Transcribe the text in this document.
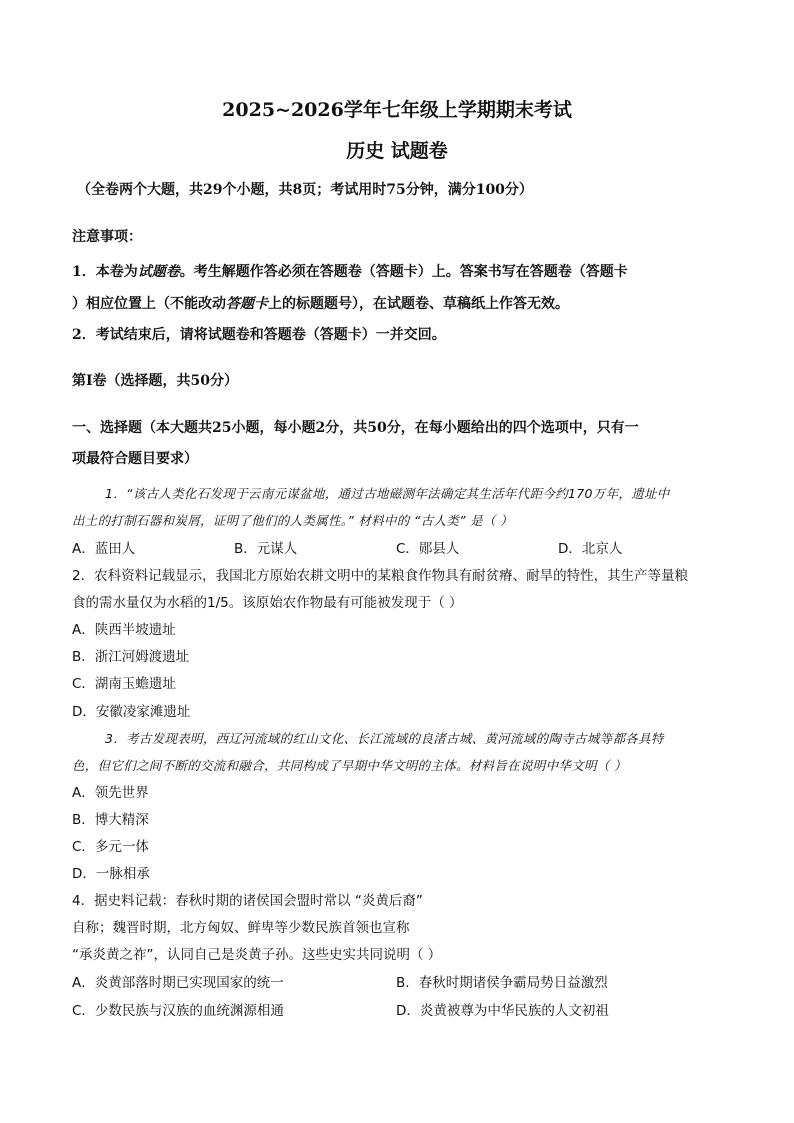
2025~2026学年七年级上学期期末考试
历史 试题卷
（全卷两个大题，共29个小题，共8页；考试用时75分钟，满分100分）
注意事项：
1．本卷为试题卷。考生解题作答必须在答题卷（答题卡）上。答案书写在答题卷（答题卡
）相应位置上（不能改动答题卡上的标题题号），在试题卷、草稿纸上作答无效。
2．考试结束后，请将试题卷和答题卷（答题卡）一并交回。
第Ⅰ卷（选择题，共50分）
一、选择题（本大题共25小题，每小题2分，共50分，在每小题给出的四个选项中，只有一
项最符合题目要求）
1．“该古人类化石发现于云南元谋盆地，通过古地磁测年法确定其生活年代距今约170万年，遗址中
出土的打制石器和炭屑，证明了他们的人类属性。” 材料中的 “古人类” 是（ ）
A．蓝田人	B．元谋人	C．郧县人	D．北京人
2．农科资料记载显示，我国北方原始农耕文明中的某粮食作物具有耐贫瘠、耐旱的特性，其生产等量粮
食的需水量仅为水稻的1/5。该原始农作物最有可能被发现于（ ）
A．陕西半坡遗址
B．浙江河姆渡遗址
C．湖南玉蟾遗址
D．安徽凌家滩遗址
3．考古发现表明，西辽河流域的红山文化、长江流域的良渚古城、黄河流域的陶寺古城等都各具特
色，但它们之间不断的交流和融合，共同构成了早期中华文明的主体。材料旨在说明中华文明（ ）
A．领先世界
B．博大精深
C．多元一体
D．一脉相承
4．据史料记载：春秋时期的诸侯国会盟时常以 “炎黄后裔”
自称；魏晋时期，北方匈奴、鲜卑等少数民族首领也宣称
“承炎黄之祚”，认同自己是炎黄子孙。这些史实共同说明（ ）
A．炎黄部落时期已实现国家的统一	B．春秋时期诸侯争霸局势日益激烈
C．少数民族与汉族的血统渊源相通	D．炎黄被尊为中华民族的人文初祖
